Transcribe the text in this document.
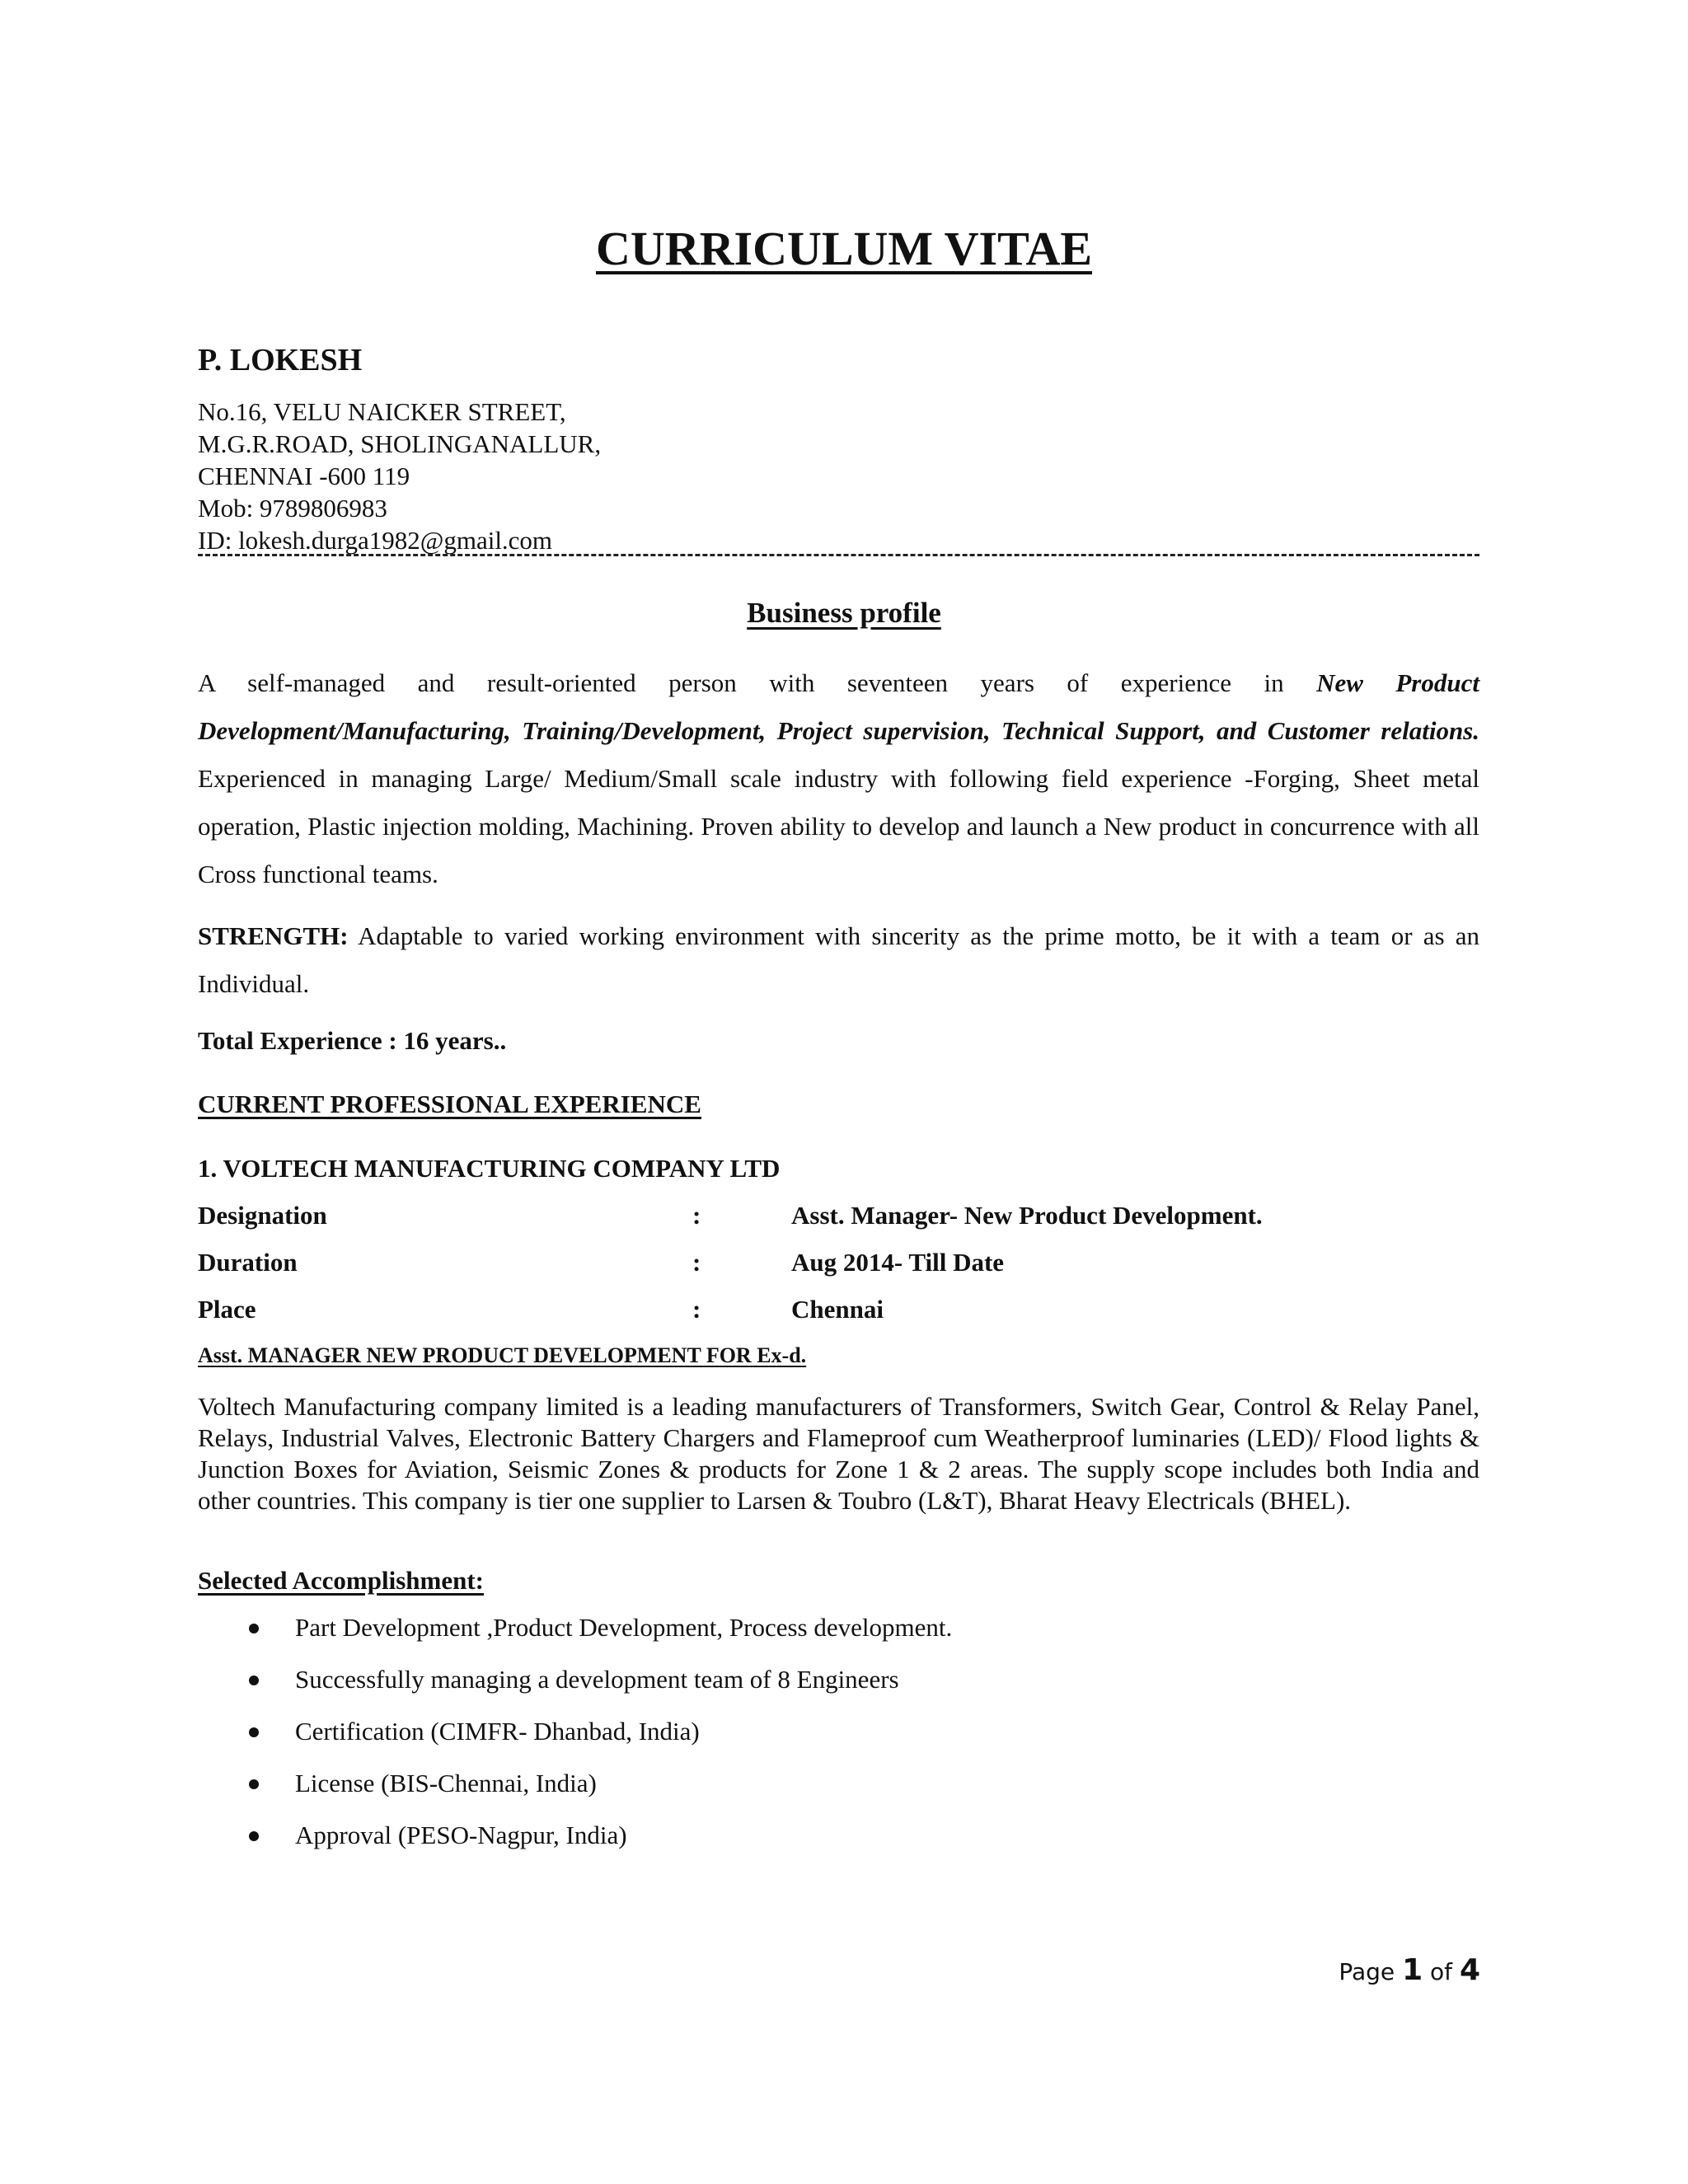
CURRICULUM VITAE
P. LOKESH
No.16, VELU NAICKER STREET,
M.G.R.ROAD, SHOLINGANALLUR,
CHENNAI -600 119
Mob: 9789806983
ID: lokesh.durga1982@gmail.com
Business profile

A self-managed and result-oriented person with seventeen years of experience in New Product Development/Manufacturing, Training/Development, Project supervision, Technical Support, and Customer relations. Experienced in managing Large/ Medium/Small scale industry with following field experience -Forging, Sheet metal operation, Plastic injection molding, Machining. Proven ability to develop and launch a New product in concurrence with all Cross functional teams.

STRENGTH: Adaptable to varied working environment with sincerity as the prime motto, be it with a team or as an Individual.

Total Experience : 16 years..
CURRENT PROFESSIONAL EXPERIENCE
1. VOLTECH MANUFACTURING COMPANY LTD
Designation	:	Asst. Manager- New Product Development.
Duration	:	Aug 2014- Till Date
Place	:	Chennai
Asst. MANAGER NEW PRODUCT DEVELOPMENT FOR Ex-d.

Voltech Manufacturing company limited is a leading manufacturers of Transformers, Switch Gear, Control & Relay Panel, Relays, Industrial Valves, Electronic Battery Chargers and Flameproof cum Weatherproof luminaries (LED)/ Flood lights & Junction Boxes for Aviation, Seismic Zones & products for Zone 1 & 2 areas. The supply scope includes both India and other countries. This company is tier one supplier to Larsen & Toubro (L&T), Bharat Heavy Electricals (BHEL).

Selected Accomplishment:
Part Development ,Product Development, Process development.
Successfully managing a development team of 8 Engineers
Certification (CIMFR- Dhanbad, India)
License (BIS-Chennai, India)
Approval (PESO-Nagpur, India)
Page 1 of 4
